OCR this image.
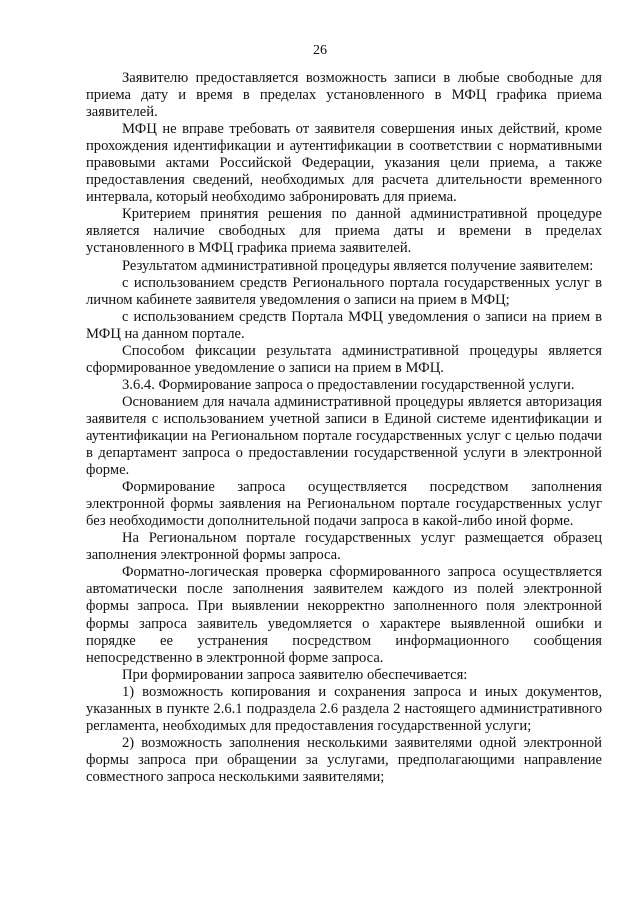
26

Заявителю предоставляется возможность записи в любые свободные для приема дату и время в пределах установленного в МФЦ графика приема заявителей.

МФЦ не вправе требовать от заявителя совершения иных действий, кроме прохождения идентификации и аутентификации в соответствии с нормативными правовыми актами Российской Федерации, указания цели приема, а также предоставления сведений, необходимых для расчета длительности временного интервала, который необходимо забронировать для приема.

Критерием принятия решения по данной административной процедуре является наличие свободных для приема даты и времени в пределах установленного в МФЦ графика приема заявителей.

Результатом административной процедуры является получение заявителем:

с использованием средств Регионального портала государственных услуг в личном кабинете заявителя уведомления о записи на прием в МФЦ;

с использованием средств Портала МФЦ уведомления о записи на прием в МФЦ на данном портале.

Способом фиксации результата административной процедуры является сформированное уведомление о записи на прием в МФЦ.

3.6.4. Формирование запроса о предоставлении государственной услуги.

Основанием для начала административной процедуры является авторизация заявителя с использованием учетной записи в Единой системе идентификации и аутентификации на Региональном портале государственных услуг с целью подачи в департамент запроса о предоставлении государственной услуги в электронной форме.

Формирование запроса осуществляется посредством заполнения электронной формы заявления на Региональном портале государственных услуг без необходимости дополнительной подачи запроса в какой-либо иной форме.

На Региональном портале государственных услуг размещается образец заполнения электронной формы запроса.

Форматно-логическая проверка сформированного запроса осуществляется автоматически после заполнения заявителем каждого из полей электронной формы запроса. При выявлении некорректно заполненного поля электронной формы запроса заявитель уведомляется о характере выявленной ошибки и порядке ее устранения посредством информационного сообщения непосредственно в электронной форме запроса.

При формировании запроса заявителю обеспечивается:

1) возможность копирования и сохранения запроса и иных документов, указанных в пункте 2.6.1 подраздела 2.6 раздела 2 настоящего административного регламента, необходимых для предоставления государственной услуги;

2) возможность заполнения несколькими заявителями одной электронной формы запроса при обращении за услугами, предполагающими направление совместного запроса несколькими заявителями;
